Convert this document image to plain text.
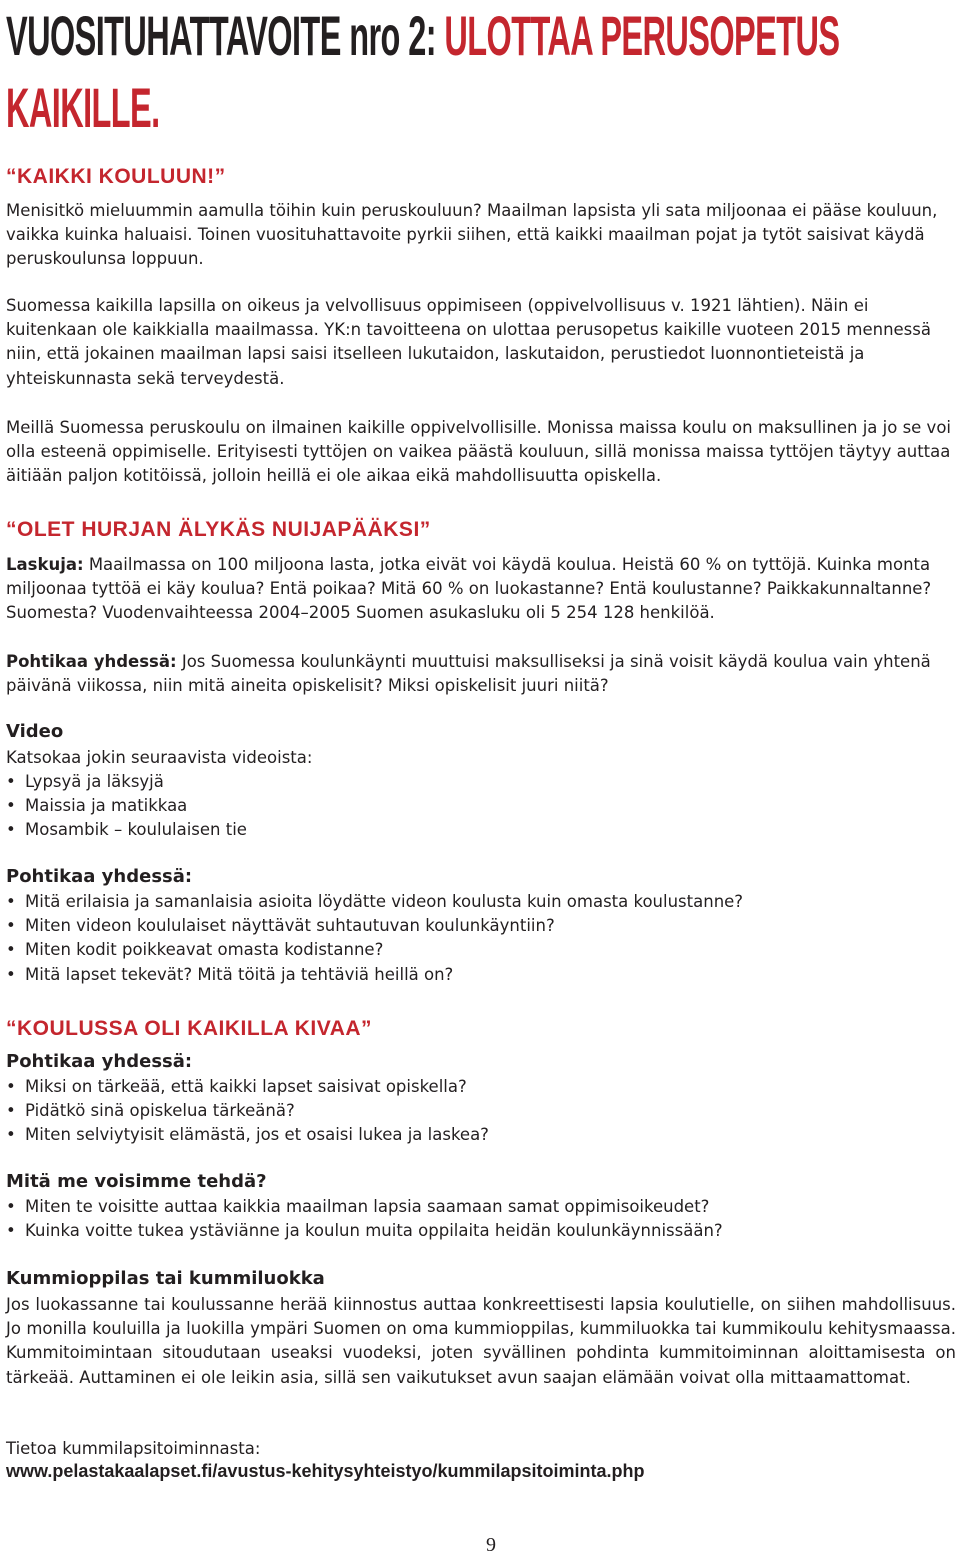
VUOSITUHATTAVOITE nro 2: ULOTTAA PERUSOPETUS
KAIKILLE.
“KAIKKI KOULUUN!”

Menisitkö mieluummin aamulla töihin kuin peruskouluun? Maailman lapsista yli sata miljoonaa ei pääse kouluun, vaikka kuinka haluaisi. Toinen vuosituhattavoite pyrkii siihen, että kaikki maailman pojat ja tytöt saisivat käydä peruskoulunsa loppuun.

Suomessa kaikilla lapsilla on oikeus ja velvollisuus oppimiseen (oppivelvollisuus v. 1921 lähtien). Näin ei kuitenkaan ole kaikkialla maailmassa. YK:n tavoitteena on ulottaa perusopetus kaikille vuoteen 2015 mennessä niin, että jokainen maailman lapsi saisi itselleen lukutaidon, laskutaidon, perustiedot luonnontieteistä ja yhteiskunnasta sekä terveydestä.

Meillä Suomessa peruskoulu on ilmainen kaikille oppivelvollisille. Monissa maissa koulu on maksullinen ja jo se voi olla esteenä oppimiselle. Erityisesti tyttöjen on vaikea päästä kouluun, sillä monissa maissa tyttöjen täytyy auttaa äitiään paljon kotitöissä, jolloin heillä ei ole aikaa eikä mahdollisuutta opiskella.

“OLET HURJAN ÄLYKÄS NUIJAPÄÄKSI”

Laskuja: Maailmassa on 100 miljoona lasta, jotka eivät voi käydä koulua. Heistä 60 % on tyttöjä. Kuinka monta miljoonaa tyttöä ei käy koulua? Entä poikaa? Mitä 60 % on luokastanne? Entä koulustanne? Paikkakunnaltanne? Suomesta? Vuodenvaihteessa 2004–2005 Suomen asukasluku oli 5 254 128 henkilöä.

Pohtikaa yhdessä: Jos Suomessa koulunkäynti muuttuisi maksulliseksi ja sinä voisit käydä koulua vain yhtenä päivänä viikossa, niin mitä aineita opiskelisit? Miksi opiskelisit juuri niitä?

Video
Katsokaa jokin seuraavista videoista:
• Lypsyä ja läksyjä
• Maissia ja matikkaa
• Mosambik – koululaisen tie
Pohtikaa yhdessä:
• Mitä erilaisia ja samanlaisia asioita löydätte videon koulusta kuin omasta koulustanne?
• Miten videon koululaiset näyttävät suhtautuvan koulunkäyntiin?
• Miten kodit poikkeavat omasta kodistanne?
• Mitä lapset tekevät? Mitä töitä ja tehtäviä heillä on?
“KOULUSSA OLI KAIKILLA KIVAA”
Pohtikaa yhdessä:
• Miksi on tärkeää, että kaikki lapset saisivat opiskella?
• Pidätkö sinä opiskelua tärkeänä?
• Miten selviytyisit elämästä, jos et osaisi lukea ja laskea?
Mitä me voisimme tehdä?
• Miten te voisitte auttaa kaikkia maailman lapsia saamaan samat oppimisoikeudet?
• Kuinka voitte tukea ystäviänne ja koulun muita oppilaita heidän koulunkäynnissään?
Kummioppilas tai kummiluokka
Jos luokassanne tai koulussanne herää kiinnostus auttaa konkreettisesti lapsia koulutielle, on siihen mahdollisuus. Jo monilla kouluilla ja luokilla ympäri Suomen on oma kummioppilas, kummiluokka tai kummikoulu kehitysmaassa. Kummitoimintaan sitoudutaan useaksi vuodeksi, joten syvällinen pohdinta kummitoiminnan aloittamisesta on tärkeää. Auttaminen ei ole leikin asia, sillä sen vaikutukset avun saajan elämään voivat olla mittaamattomat.
Tietoa kummilapsitoiminnasta:
www.pelastakaalapset.fi/avustus-kehitysyhteistyo/kummilapsitoiminta.php
9
